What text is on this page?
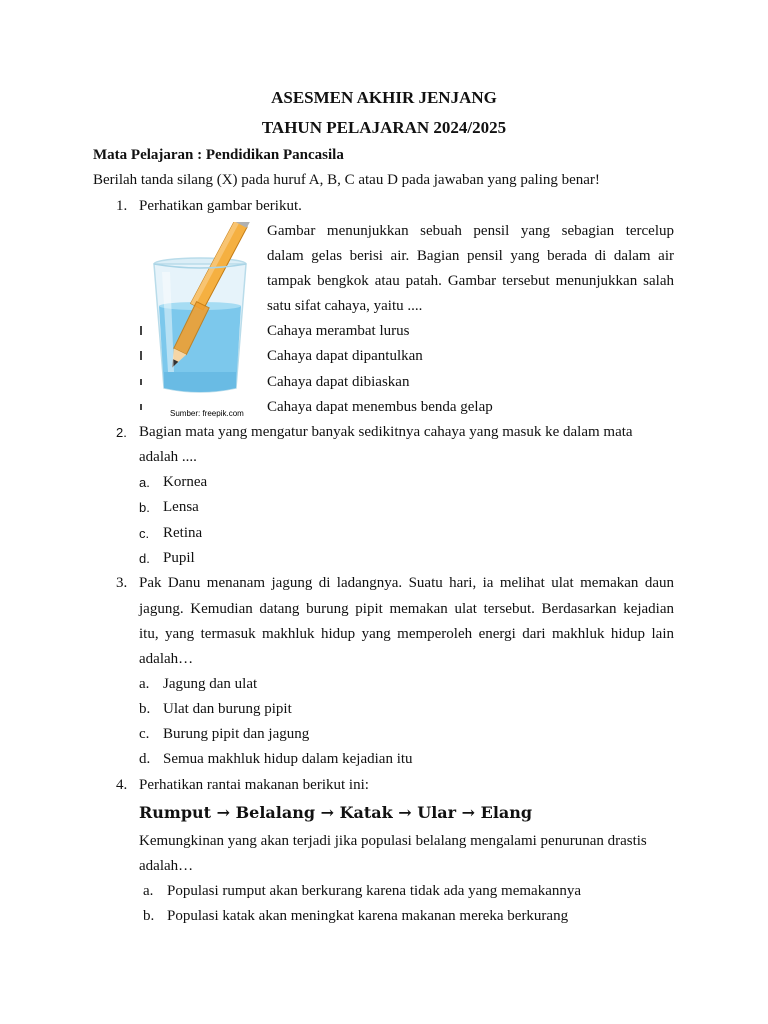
ASESMEN AKHIR JENJANG
TAHUN PELAJARAN 2024/2025
Mata Pelajaran : Pendidikan Pancasila
Berilah tanda silang (X) pada huruf A, B, C atau D pada jawaban yang paling benar!
1. Perhatikan gambar berikut.
Gambar menunjukkan sebuah pensil yang sebagian tercelup
dalam gelas berisi air. Bagian pensil yang berada di dalam air
tampak bengkok atau patah. Gambar tersebut menunjukkan salah
satu sifat cahaya, yaitu ....
Cahaya merambat lurus
Cahaya dapat dipantulkan
Cahaya dapat dibiaskan
Cahaya dapat menembus benda gelap
Sumber: freepik.com
2. Bagian mata yang mengatur banyak sedikitnya cahaya yang masuk ke dalam mata
adalah ....
a. Kornea
b. Lensa
c. Retina
d. Pupil
3. Pak Danu menanam jagung di ladangnya. Suatu hari, ia melihat ulat memakan daun
jagung. Kemudian datang burung pipit memakan ulat tersebut. Berdasarkan kejadian
itu, yang termasuk makhluk hidup yang memperoleh energi dari makhluk hidup lain
adalah…
a. Jagung dan ulat
b. Ulat dan burung pipit
c. Burung pipit dan jagung
d. Semua makhluk hidup dalam kejadian itu
4. Perhatikan rantai makanan berikut ini:
Rumput → Belalang → Katak → Ular → Elang
Kemungkinan yang akan terjadi jika populasi belalang mengalami penurunan drastis
adalah…
a. Populasi rumput akan berkurang karena tidak ada yang memakannya
b. Populasi katak akan meningkat karena makanan mereka berkurang
